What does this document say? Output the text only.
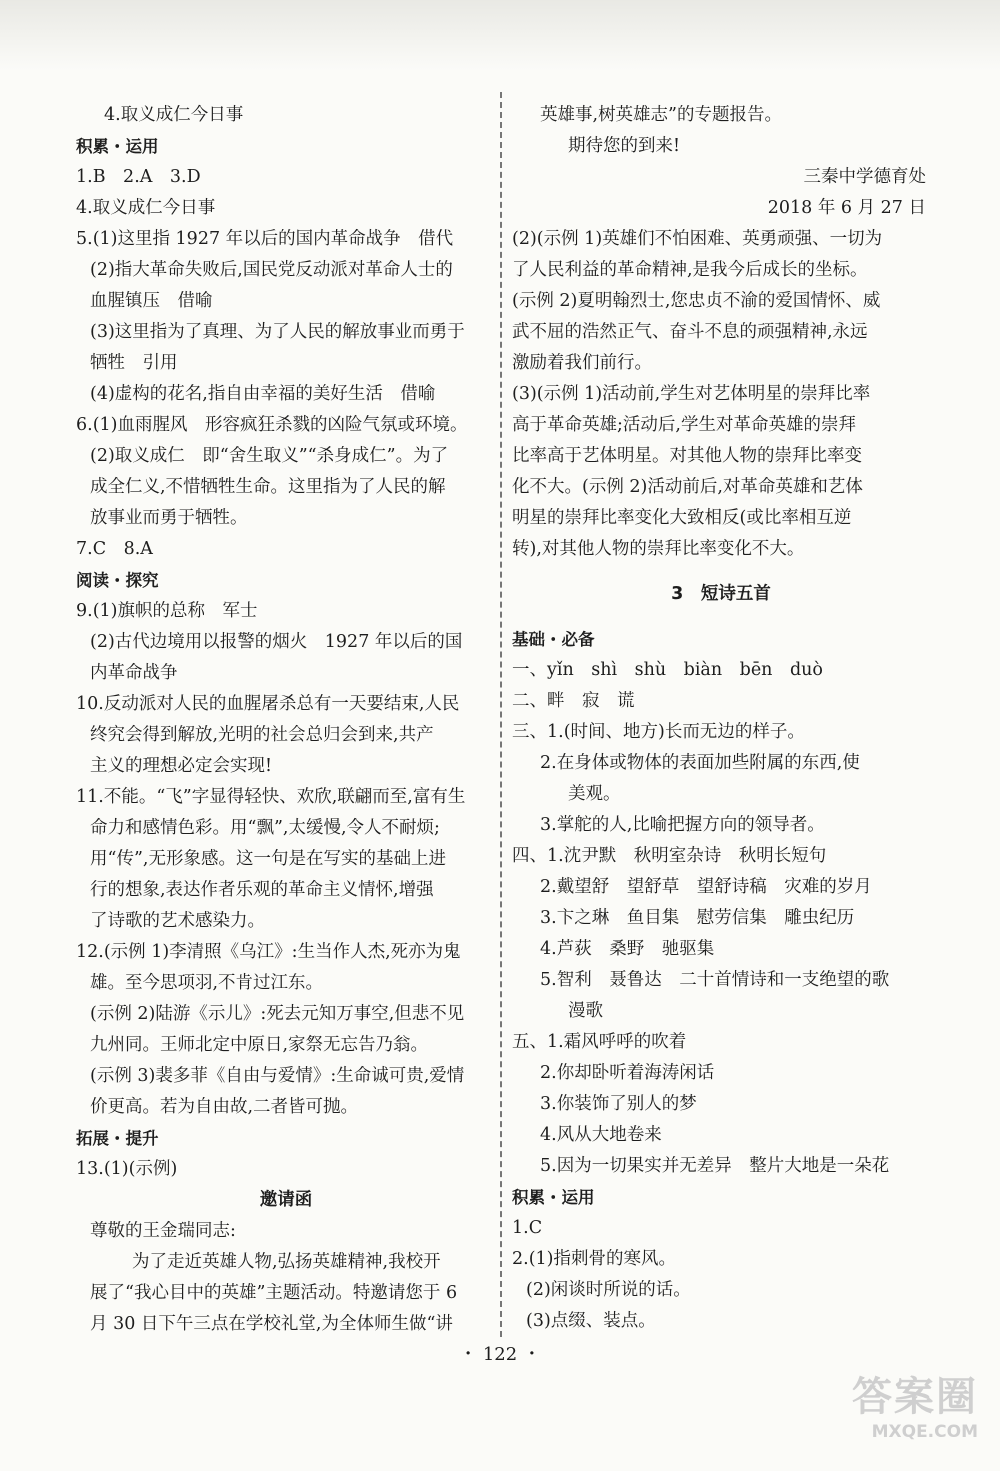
4.取义成仁今日事
积累・运用
1.B　2.A　3.D
4.取义成仁今日事
5.(1)这里指 1927 年以后的国内革命战争　借代
(2)指大革命失败后,国民党反动派对革命人士的
血腥镇压　借喻
(3)这里指为了真理、为了人民的解放事业而勇于
牺牲　引用
(4)虚构的花名,指自由幸福的美好生活　借喻
6.(1)血雨腥风　形容疯狂杀戮的凶险气氛或环境。
(2)取义成仁　即“舍生取义”“杀身成仁”。为了
成全仁义,不惜牺牲生命。这里指为了人民的解
放事业而勇于牺牲。
7.C　8.A
阅读・探究
9.(1)旗帜的总称　军士
(2)古代边境用以报警的烟火　1927 年以后的国
内革命战争
10.反动派对人民的血腥屠杀总有一天要结束,人民
终究会得到解放,光明的社会总归会到来,共产
主义的理想必定会实现!
11.不能。“飞”字显得轻快、欢欣,联翩而至,富有生
命力和感情色彩。用“飘”,太缓慢,令人不耐烦;
用“传”,无形象感。这一句是在写实的基础上进
行的想象,表达作者乐观的革命主义情怀,增强
了诗歌的艺术感染力。
12.(示例 1)李清照《乌江》:生当作人杰,死亦为鬼
雄。至今思项羽,不肯过江东。
(示例 2)陆游《示儿》:死去元知万事空,但悲不见
九州同。王师北定中原日,家祭无忘告乃翁。
(示例 3)裴多菲《自由与爱情》:生命诚可贵,爱情
价更高。若为自由故,二者皆可抛。
拓展・提升
13.(1)(示例)
邀请函
尊敬的王金瑞同志:
为了走近英雄人物,弘扬英雄精神,我校开
展了“我心目中的英雄”主题活动。特邀请您于 6
月 30 日下午三点在学校礼堂,为全体师生做“讲
英雄事,树英雄志”的专题报告。
期待您的到来!
三秦中学德育处
2018 年 6 月 27 日
(2)(示例 1)英雄们不怕困难、英勇顽强、一切为
了人民利益的革命精神,是我今后成长的坐标。
(示例 2)夏明翰烈士,您忠贞不渝的爱国情怀、威
武不屈的浩然正气、奋斗不息的顽强精神,永远
激励着我们前行。
(3)(示例 1)活动前,学生对艺体明星的崇拜比率
高于革命英雄;活动后,学生对革命英雄的崇拜
比率高于艺体明星。对其他人物的崇拜比率变
化不大。(示例 2)活动前后,对革命英雄和艺体
明星的崇拜比率变化大致相反(或比率相互逆
转),对其他人物的崇拜比率变化不大。
3　短诗五首
基础・必备
一、yǐn　shì　shù　biàn　bēn　duò
二、畔　寂　谎
三、1.(时间、地方)长而无边的样子。
2.在身体或物体的表面加些附属的东西,使
美观。
3.掌舵的人,比喻把握方向的领导者。
四、1.沈尹默　秋明室杂诗　秋明长短句
2.戴望舒　望舒草　望舒诗稿　灾难的岁月
3.卞之琳　鱼目集　慰劳信集　雕虫纪历
4.芦荻　桑野　驰驱集
5.智利　聂鲁达　二十首情诗和一支绝望的歌
漫歌
五、1.霜风呼呼的吹着
2.你却卧听着海涛闲话
3.你装饰了别人的梦
4.风从大地卷来
5.因为一切果实并无差异　整片大地是一朵花
积累・运用
1.C
2.(1)指刺骨的寒风。
(2)闲谈时所说的话。
(3)点缀、装点。
・ 122 ・
答案圈
MXQE.COM
